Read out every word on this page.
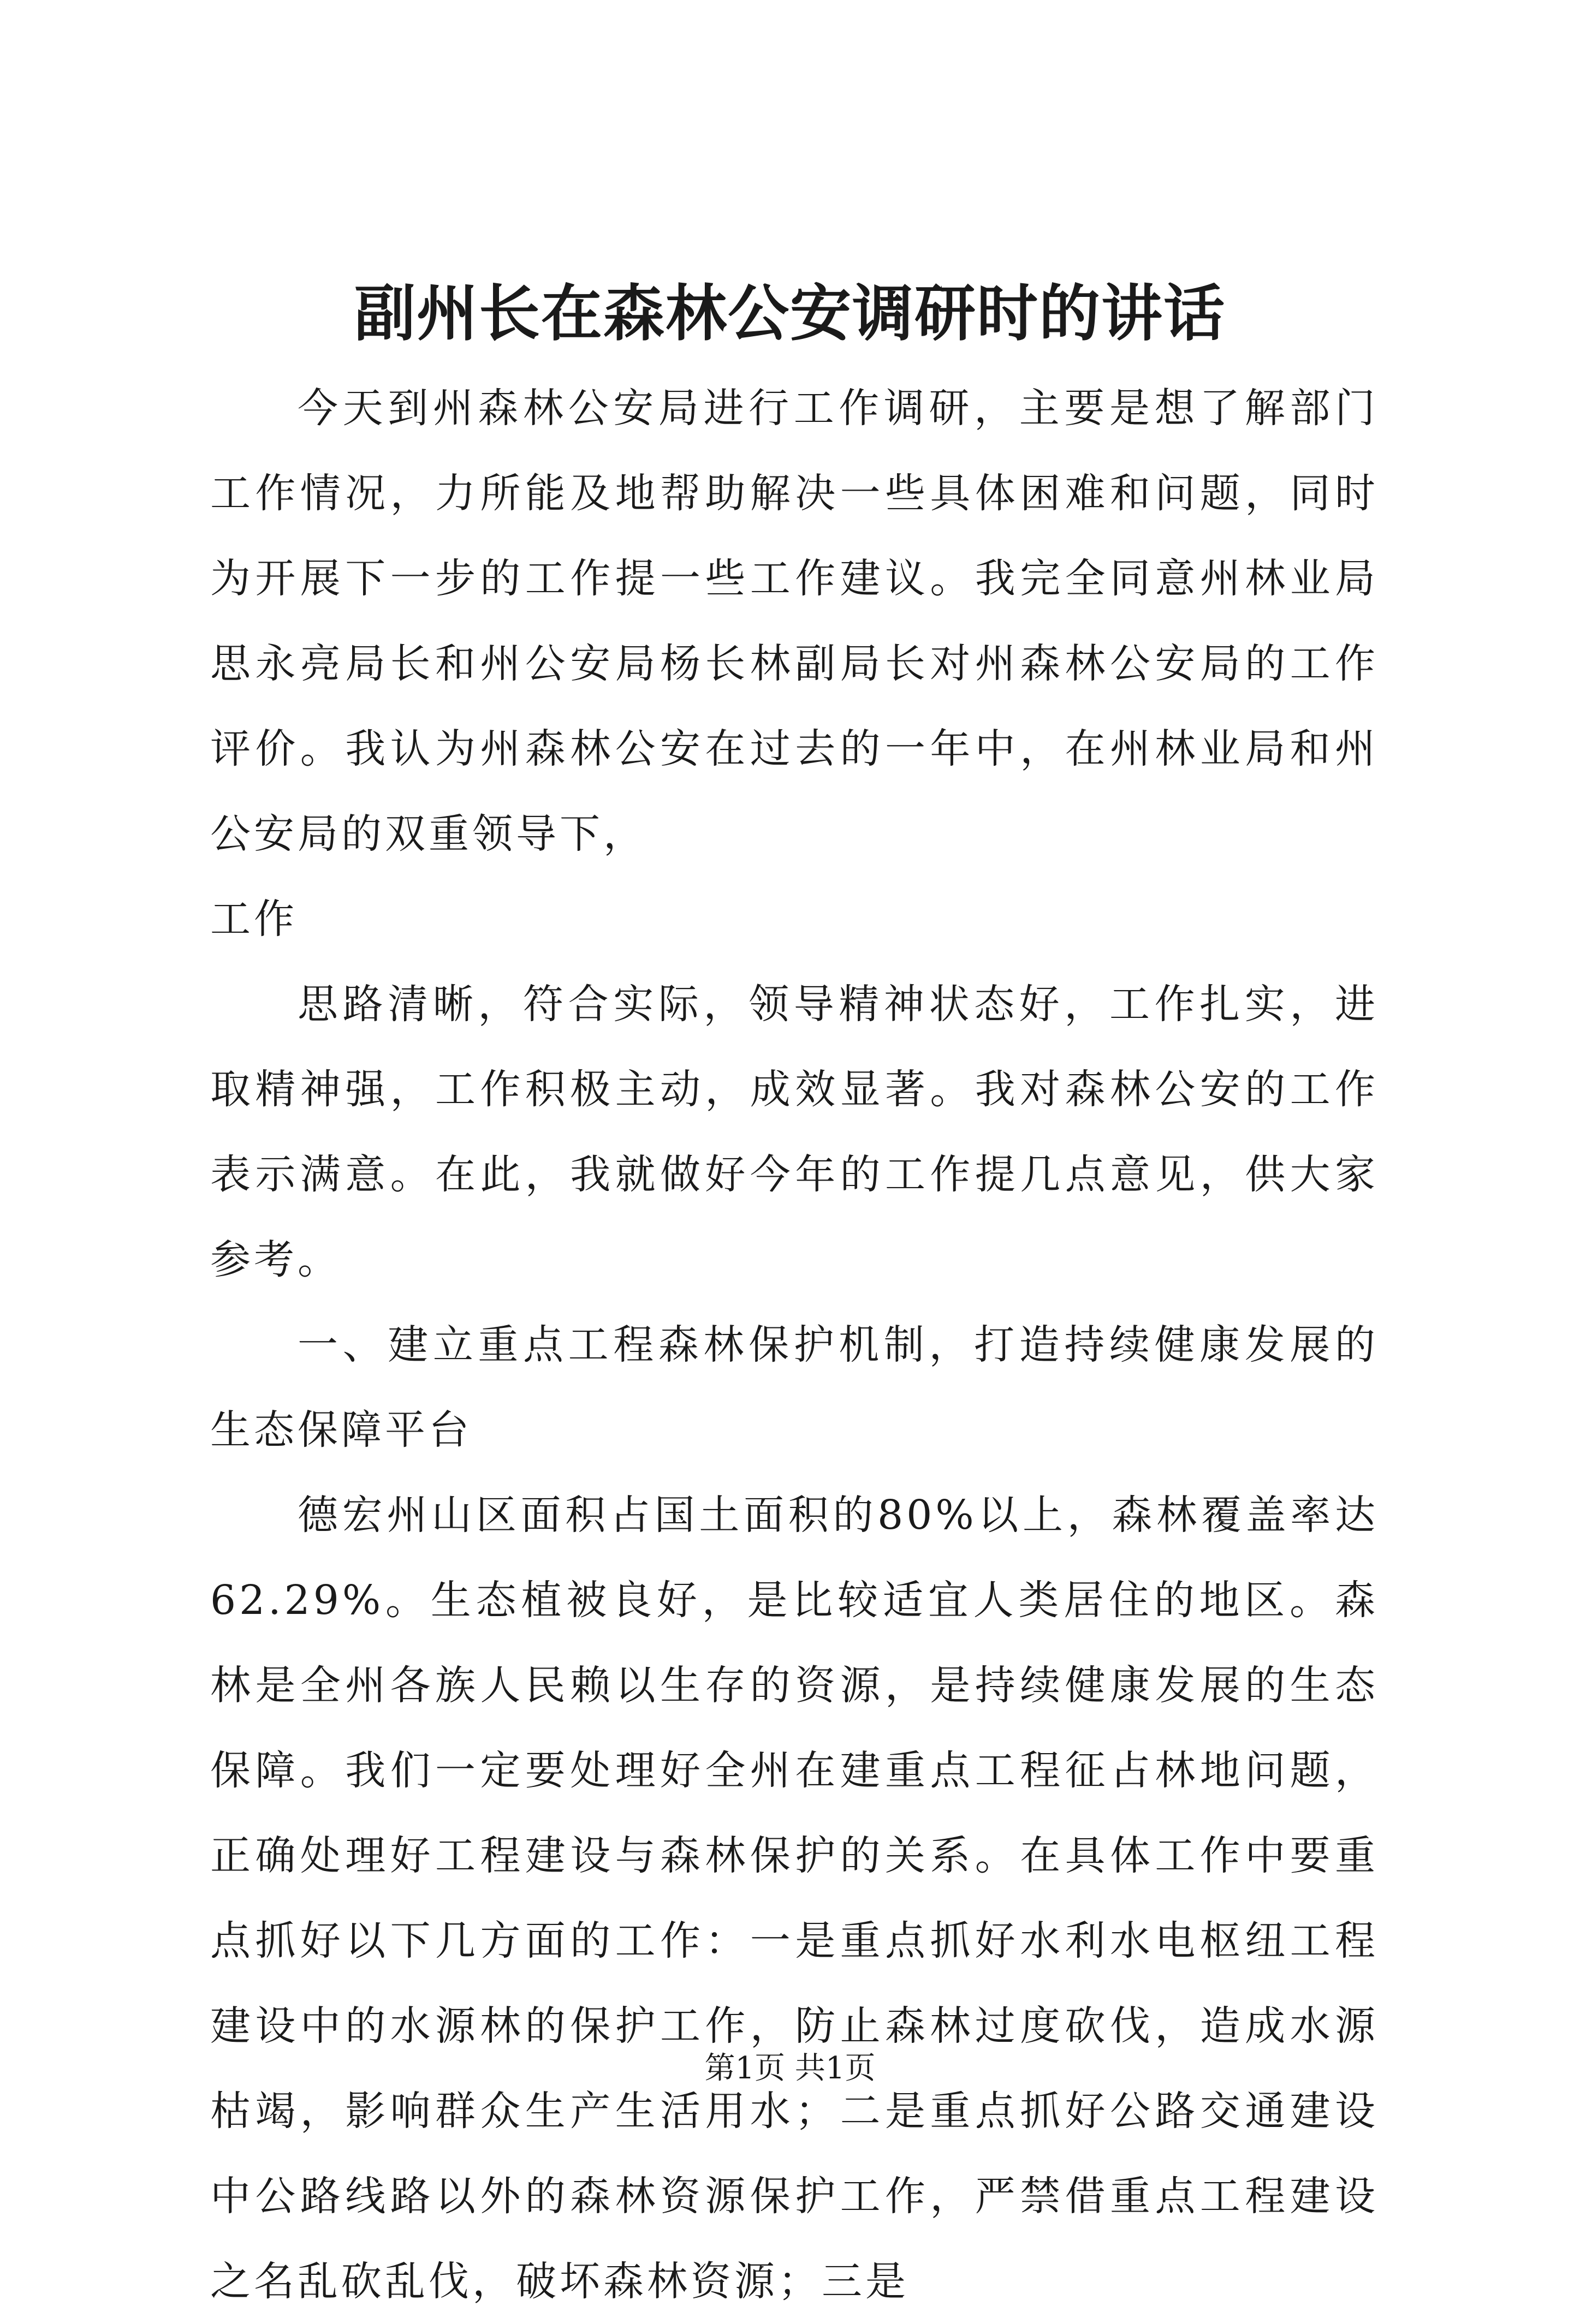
副州长在森林公安调研时的讲话

今天到州森林公安局进行工作调研，主要是想了解部门工作情况，力所能及地帮助解决一些具体困难和问题，同时为开展下一步的工作提一些工作建议。我完全同意州林业局思永亮局长和州公安局杨长林副局长对州森林公安局的工作评价。我认为州森林公安在过去的一年中，在州林业局和州公安局的双重领导下，

工作

思路清晰，符合实际，领导精神状态好，工作扎实，进取精神强，工作积极主动，成效显著。我对森林公安的工作表示满意。在此，我就做好今年的工作提几点意见，供大家参考。

一、建立重点工程森林保护机制，打造持续健康发展的生态保障平台

德宏州山区面积占国土面积的80%以上，森林覆盖率达62.29%。生态植被良好，是比较适宜人类居住的地区。森林是全州各族人民赖以生存的资源，是持续健康发展的生态保障。我们一定要处理好全州在建重点工程征占林地问题，正确处理好工程建设与森林保护的关系。在具体工作中要重点抓好以下几方面的工作：一是重点抓好水利水电枢纽工程建设中的水源林的保护工作，防止森林过度砍伐，造成水源枯竭，影响群众生产生活用水；二是重点抓好公路交通建设中公路线路以外的森林资源保护工作，严禁借重点工程建设之名乱砍乱伐，破坏森林资源；三是

第1页 共1页
